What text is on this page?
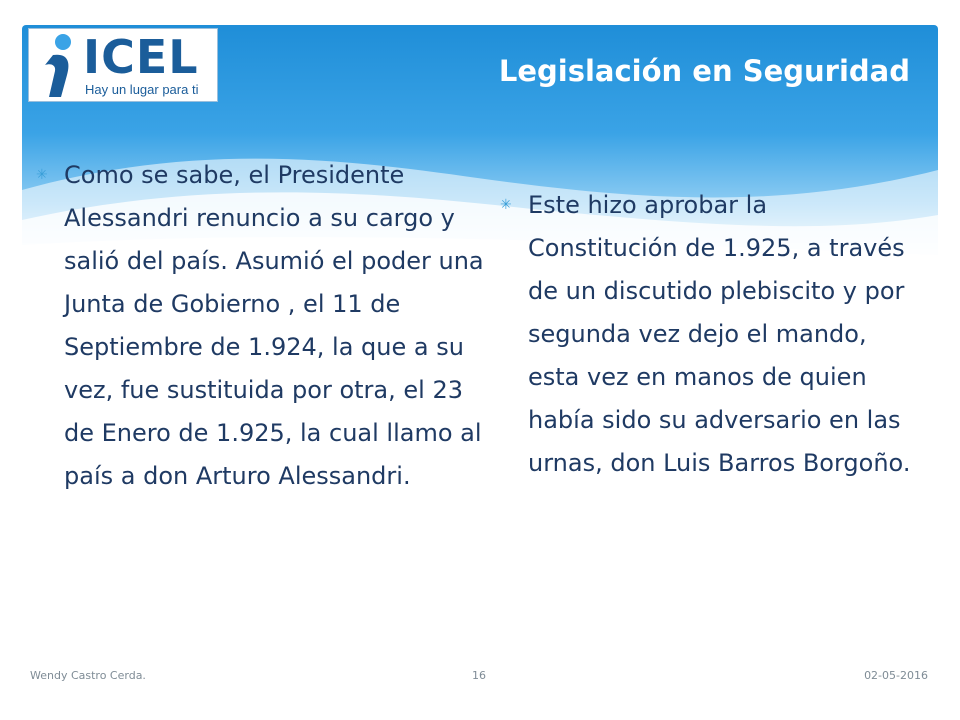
ICEL
Hay un lugar para ti
Legislación en Seguridad
✳ Como se sabe, el Presidente Alessandri renuncio a su cargo y salió del país. Asumió el poder una Junta de Gobierno , el 11 de Septiembre de 1.924, la que a su vez, fue sustituida por otra, el 23 de Enero de 1.925, la cual llamo al país a don Arturo Alessandri.
✳ Este hizo aprobar la Constitución de 1.925, a través de un discutido plebiscito y por segunda vez dejo el mando, esta vez en manos de quien había sido su adversario en las urnas, don Luis Barros Borgoño.
Wendy Castro Cerda.	16	02-05-2016
